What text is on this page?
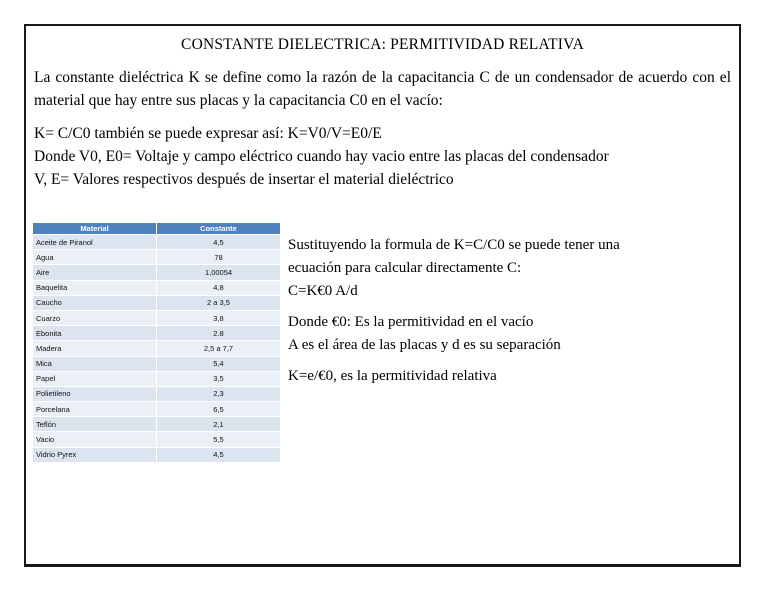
CONSTANTE DIELECTRICA: PERMITIVIDAD RELATIVA
La constante dieléctrica K se define como la razón de la capacitancia C de un condensador de acuerdo con el material que hay entre sus placas y la capacitancia C0 en el vacío:
K= C/C0 también se puede expresar así: K=V0/V=E0/E
Donde V0, E0= Voltaje y campo eléctrico cuando hay vacio entre las placas del condensador
V, E= Valores respectivos después de insertar el material dieléctrico
Material	Constante
Aceite de Piranol	4,5
Agua	78
Aire	1,00054
Baquelita	4,8
Caucho	2 a 3,5
Cuarzo	3,8
Ebonita	2.8
Madera	2,5 a 7,7
Mica	5,4
Papel	3,5
Polietileno	2,3
Porcelana	6,5
Teflón	2,1
Vacio	5,5
Vidrio Pyrex	4,5
Sustituyendo la formula de K=C/C0 se puede tener una
ecuación para calcular directamente C:
C=K€0 A/d
Donde €0: Es la permitividad en el vacío
A es el área de las placas y d es su separación
K=e/€0, es la permitividad relativa
